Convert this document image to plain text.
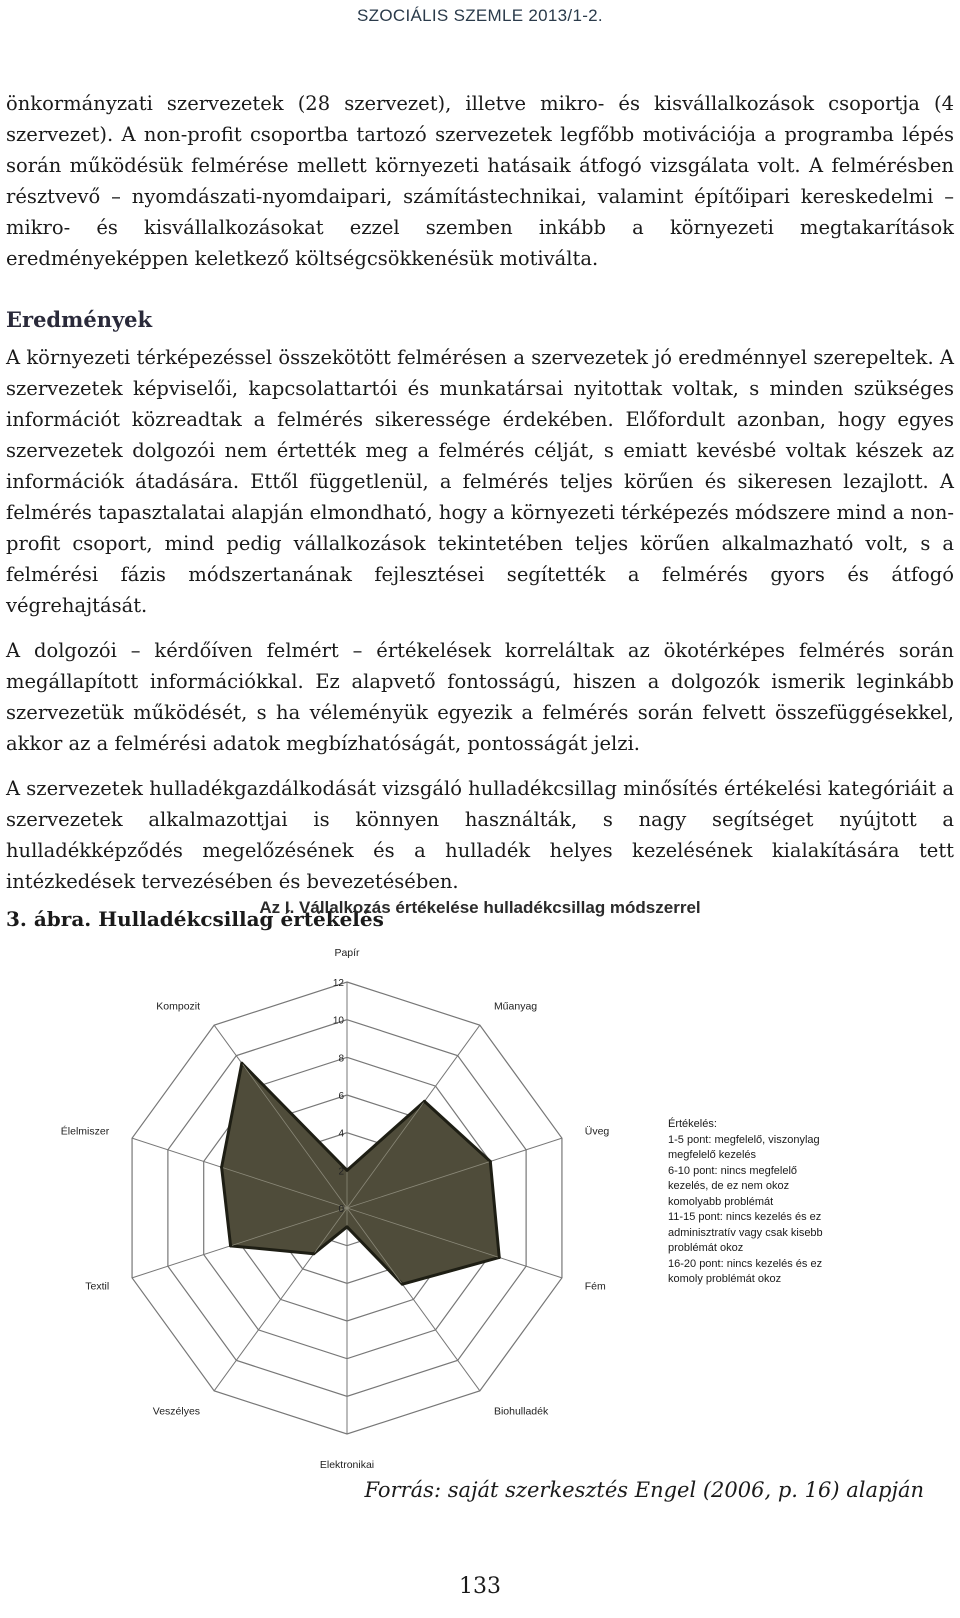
SZOCIÁLIS SZEMLE 2013/1-2.

önkormányzati szervezetek (28 szervezet), illetve mikro- és kisvállalkozások csoportja (4 szervezet). A non-profit csoportba tartozó szervezetek legfőbb motivációja a programba lépés során működésük felmérése mellett környezeti hatásaik átfogó vizsgálata volt. A felmérésben résztvevő – nyomdászati-nyomdaipari, számítástechnikai, valamint építőipari kereskedelmi – mikro- és kisvállalkozásokat ezzel szemben inkább a környezeti megtakarítások eredményeképpen keletkező költségcsökkenésük motiválta.

Eredmények

A környezeti térképezéssel összekötött felmérésen a szervezetek jó eredménnyel szerepeltek. A szervezetek képviselői, kapcsolattartói és munkatársai nyitottak voltak, s minden szükséges információt közreadtak a felmérés sikeressége érdekében. Előfordult azonban, hogy egyes szervezetek dolgozói nem értették meg a felmérés célját, s emiatt kevésbé voltak készek az információk átadására. Ettől függetlenül, a felmérés teljes körűen és sikeresen lezajlott. A felmérés tapasztalatai alapján elmondható, hogy a környezeti térképezés módszere mind a non-profit csoport, mind pedig vállalkozások tekintetében teljes körűen alkalmazható volt, s a felmérési fázis módszertanának fejlesztései segítették a felmérés gyors és átfogó végrehajtását.

A dolgozói – kérdőíven felmért – értékelések korreláltak az ökotérképes felmérés során megállapított információkkal. Ez alapvető fontosságú, hiszen a dolgozók ismerik leginkább szervezetük működését, s ha véleményük egyezik a felmérés során felvett összefüggésekkel, akkor az a felmérési adatok megbízhatóságát, pontosságát jelzi.

A szervezetek hulladékgazdálkodását vizsgáló hulladékcsillag minősítés értékelési kategóriáit a szervezetek alkalmazottjai is könnyen használták, s nagy segítséget nyújtott a hulladékképződés megelőzésének és a hulladék helyes kezelésének kialakítására tett intézkedések tervezésében és bevezetésében.

3. ábra. Hulladékcsillag értékelés
Az I. Vállalkozás értékelése hulladékcsillag módszerrel
0
2
4
6
8
10
12
Papír
Műanyag
Üveg
Fém
Biohulladék
Elektronikai
Veszélyes
Textil
Élelmiszer
Kompozit
Értékelés:
1-5 pont: megfelelő, viszonylag
megfelelő kezelés
6-10 pont: nincs megfelelő
kezelés, de ez nem okoz
komolyabb problémát
11-15 pont: nincs kezelés és ez
adminisztratív vagy csak kisebb
problémát okoz
16-20 pont: nincs kezelés és ez
komoly problémát okoz
Forrás: saját szerkesztés Engel (2006, p. 16) alapján
133
